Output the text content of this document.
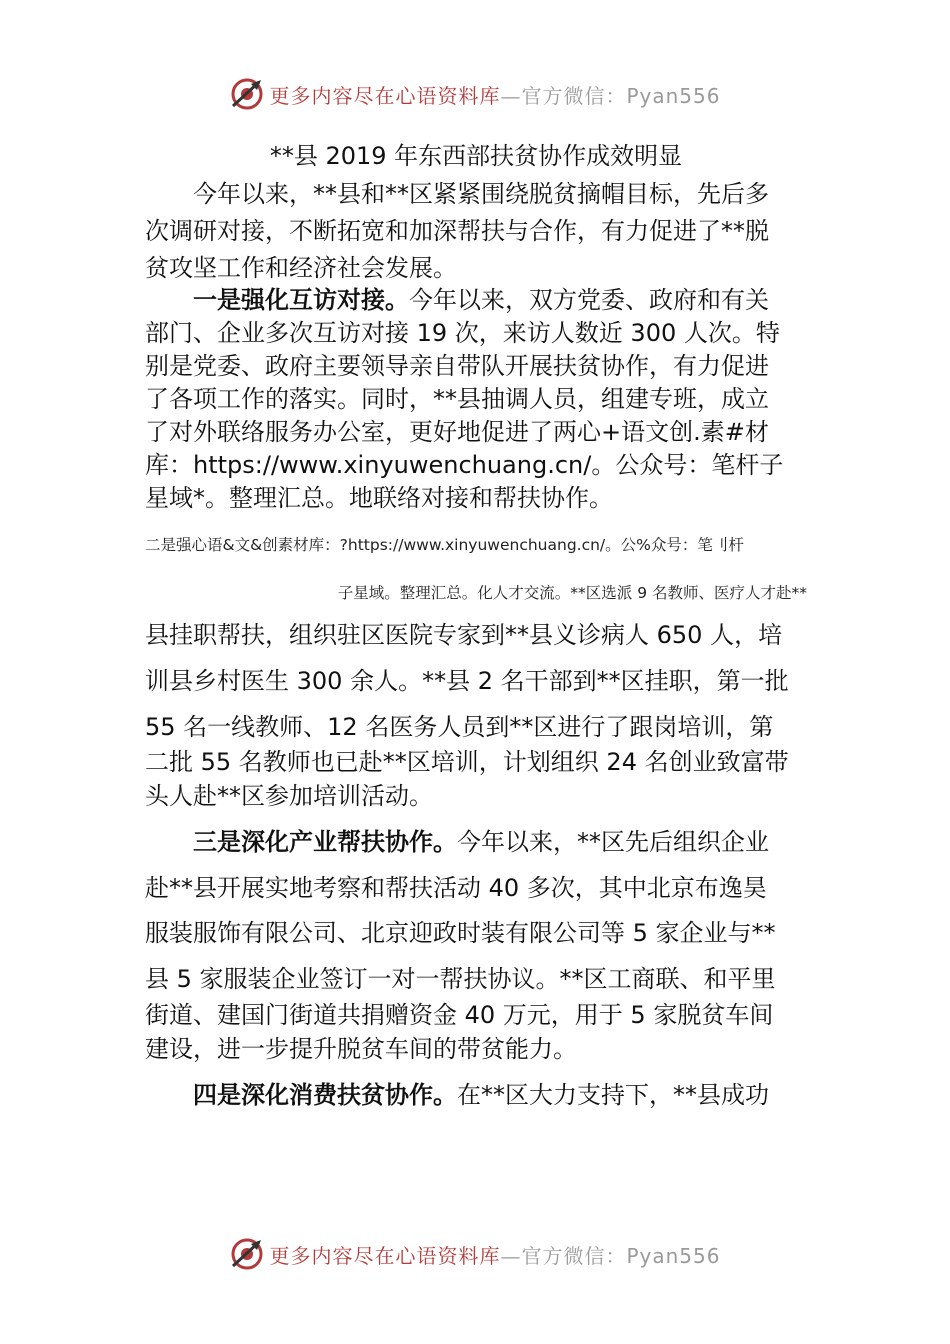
更多内容尽在心语资料库—官方微信：Pyan556
**县 2019 年东西部扶贫协作成效明显
今年以来，**县和**区紧紧围绕脱贫摘帽目标，先后多
次调研对接，不断拓宽和加深帮扶与合作，有力促进了**脱
贫攻坚工作和经济社会发展。
一是强化互访对接。今年以来，双方党委、政府和有关
部门、企业多次互访对接 19 次，来访人数近 300 人次。特
别是党委、政府主要领导亲自带队开展扶贫协作，有力促进
了各项工作的落实。同时，**县抽调人员，组建专班，成立
了对外联络服务办公室，更好地促进了两心+语文创.素#材
库：https://www.xinyuwenchuang.cn/。公众号：笔杆子
星域*。整理汇总。地联络对接和帮扶协作。
二是强心语&文&创素材库：?https://www.xinyuwenchuang.cn/。公%众号：笔刂杆
子星域。整理汇总。化人才交流。**区选派 9 名教师、医疗人才赴**
县挂职帮扶，组织驻区医院专家到**县义诊病人 650 人，培
训县乡村医生 300 余人。**县 2 名干部到**区挂职，第一批
55 名一线教师、12 名医务人员到**区进行了跟岗培训，第
二批 55 名教师也已赴**区培训，计划组织 24 名创业致富带
头人赴**区参加培训活动。
三是深化产业帮扶协作。今年以来，**区先后组织企业
赴**县开展实地考察和帮扶活动 40 多次，其中北京布逸昊
服装服饰有限公司、北京迎政时装有限公司等 5 家企业与**
县 5 家服装企业签订一对一帮扶协议。**区工商联、和平里
街道、建国门街道共捐赠资金 40 万元，用于 5 家脱贫车间
建设，进一步提升脱贫车间的带贫能力。
四是深化消费扶贫协作。在**区大力支持下，**县成功
更多内容尽在心语资料库—官方微信：Pyan556
